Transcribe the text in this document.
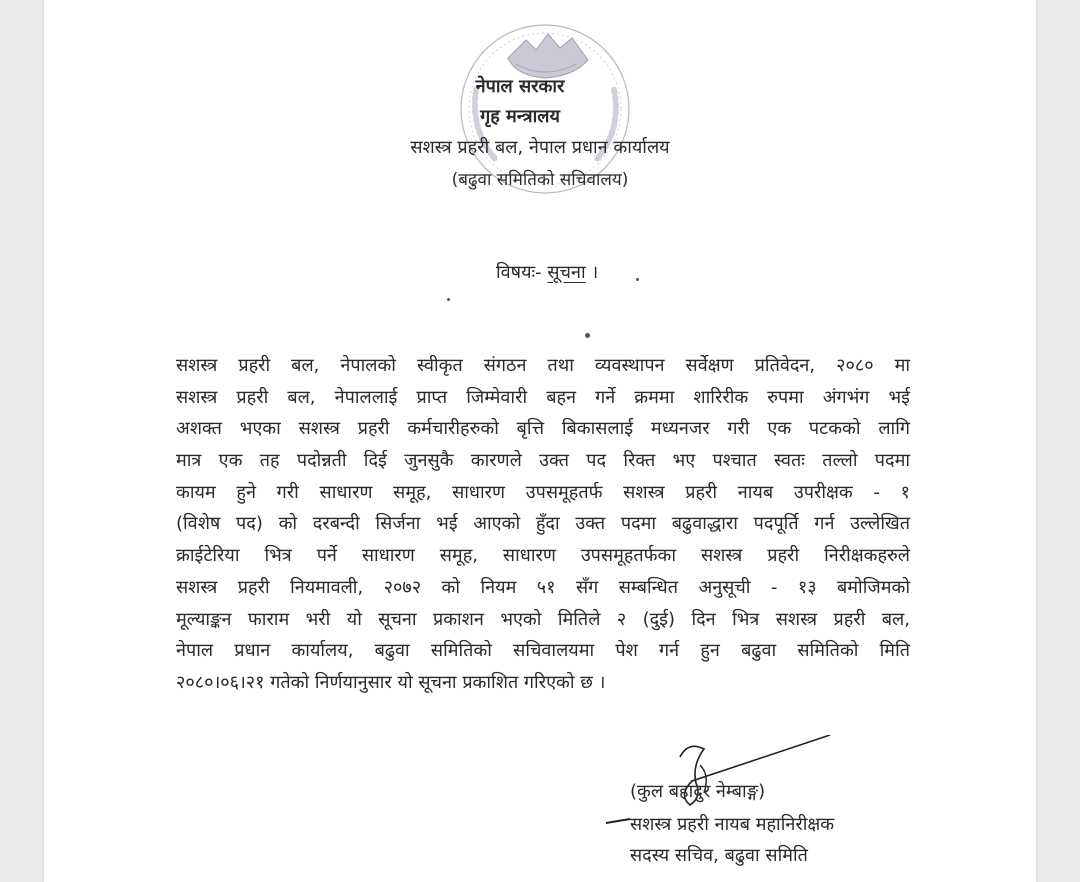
नेपाल सरकार
गृह मन्त्रालय
सशस्त्र प्रहरी बल, नेपाल प्रधान कार्यालय
(बढुवा समितिको सचिवालय)
विषयः- सूचना ।
सशस्त्र प्रहरी बल, नेपालको स्वीकृत संगठन तथा व्यवस्थापन सर्वेक्षण प्रतिवेदन, २०८० मा
सशस्त्र प्रहरी बल, नेपाललाई प्राप्त जिम्मेवारी बहन गर्ने क्रममा शारिरीक रुपमा अंगभंग भई
अशक्त भएका सशस्त्र प्रहरी कर्मचारीहरुको बृत्ति बिकासलाई मध्यनजर गरी एक पटकको लागि
मात्र एक तह पदोन्नती दिई जुनसुकै कारणले उक्त पद रिक्त भए पश्चात स्वतः तल्लो पदमा
कायम हुने गरी साधारण समूह, साधारण उपसमूहतर्फ सशस्त्र प्रहरी नायब उपरीक्षक - १
(विशेष पद) को दरबन्दी सिर्जना भई आएको हुँदा उक्त पदमा बढुवाद्धारा पदपूर्ति गर्न उल्लेखित
क्राईटेरिया भित्र पर्ने साधारण समूह, साधारण उपसमूहतर्फका सशस्त्र प्रहरी निरीक्षकहरुले
सशस्त्र प्रहरी नियमावली, २०७२ को नियम ५१ सँग सम्बन्धित अनुसूची - १३ बमोजिमको
मूल्याङ्कन फाराम भरी यो सूचना प्रकाशन भएको मितिले २ (दुई) दिन भित्र सशस्त्र प्रहरी बल,
नेपाल प्रधान कार्यालय, बढुवा समितिको सचिवालयमा पेश गर्न हुन बढुवा समितिको मिति
२०८०।०६।२१ गतेको निर्णयानुसार यो सूचना प्रकाशित गरिएको छ ।
(कुल बहादुर नेम्बाङ्ग)
सशस्त्र प्रहरी नायब महानिरीक्षक
सदस्य सचिव, बढुवा समिति
